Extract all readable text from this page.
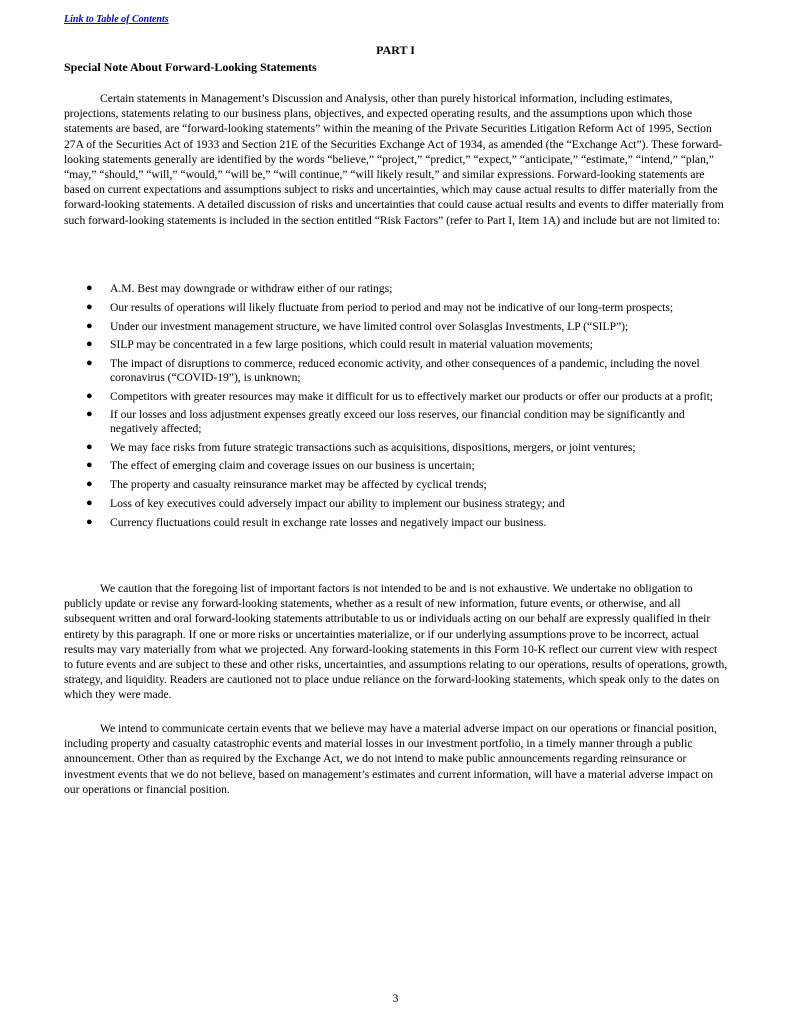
Link to Table of Contents
PART I
Special Note About Forward-Looking Statements

Certain statements in Management’s Discussion and Analysis, other than purely historical information, including estimates, projections, statements relating to our business plans, objectives, and expected operating results, and the assumptions upon which those statements are based, are “forward-looking statements” within the meaning of the Private Securities Litigation Reform Act of 1995, Section 27A of the Securities Act of 1933 and Section 21E of the Securities Exchange Act of 1934, as amended (the “Exchange Act”). These forward-looking statements generally are identified by the words “believe,” “project,” “predict,” “expect,” “anticipate,” “estimate,” “intend,” “plan,” “may,” “should,” “will,” “would,” “will be,” “will continue,” “will likely result,” and similar expressions. Forward-looking statements are based on current expectations and assumptions subject to risks and uncertainties, which may cause actual results to differ materially from the forward-looking statements. A detailed discussion of risks and uncertainties that could cause actual results and events to differ materially from such forward-looking statements is included in the section entitled “Risk Factors” (refer to Part I, Item 1A) and include but are not limited to:

● A.M. Best may downgrade or withdraw either of our ratings;
● Our results of operations will likely fluctuate from period to period and may not be indicative of our long-term prospects;
● Under our investment management structure, we have limited control over Solasglas Investments, LP (“SILP”);
● SILP may be concentrated in a few large positions, which could result in material valuation movements;
● The impact of disruptions to commerce, reduced economic activity, and other consequences of a pandemic, including the novel coronavirus (“COVID-19”), is unknown;
● Competitors with greater resources may make it difficult for us to effectively market our products or offer our products at a profit;
● If our losses and loss adjustment expenses greatly exceed our loss reserves, our financial condition may be significantly and negatively affected;
● We may face risks from future strategic transactions such as acquisitions, dispositions, mergers, or joint ventures;
● The effect of emerging claim and coverage issues on our business is uncertain;
● The property and casualty reinsurance market may be affected by cyclical trends;
● Loss of key executives could adversely impact our ability to implement our business strategy; and
● Currency fluctuations could result in exchange rate losses and negatively impact our business.

We caution that the foregoing list of important factors is not intended to be and is not exhaustive. We undertake no obligation to publicly update or revise any forward-looking statements, whether as a result of new information, future events, or otherwise, and all subsequent written and oral forward-looking statements attributable to us or individuals acting on our behalf are expressly qualified in their entirety by this paragraph. If one or more risks or uncertainties materialize, or if our underlying assumptions prove to be incorrect, actual results may vary materially from what we projected. Any forward-looking statements in this Form 10-K reflect our current view with respect to future events and are subject to these and other risks, uncertainties, and assumptions relating to our operations, results of operations, growth, strategy, and liquidity. Readers are cautioned not to place undue reliance on the forward-looking statements, which speak only to the dates on which they were made.

We intend to communicate certain events that we believe may have a material adverse impact on our operations or financial position, including property and casualty catastrophic events and material losses in our investment portfolio, in a timely manner through a public announcement. Other than as required by the Exchange Act, we do not intend to make public announcements regarding reinsurance or investment events that we do not believe, based on management’s estimates and current information, will have a material adverse impact on our operations or financial position.

3
